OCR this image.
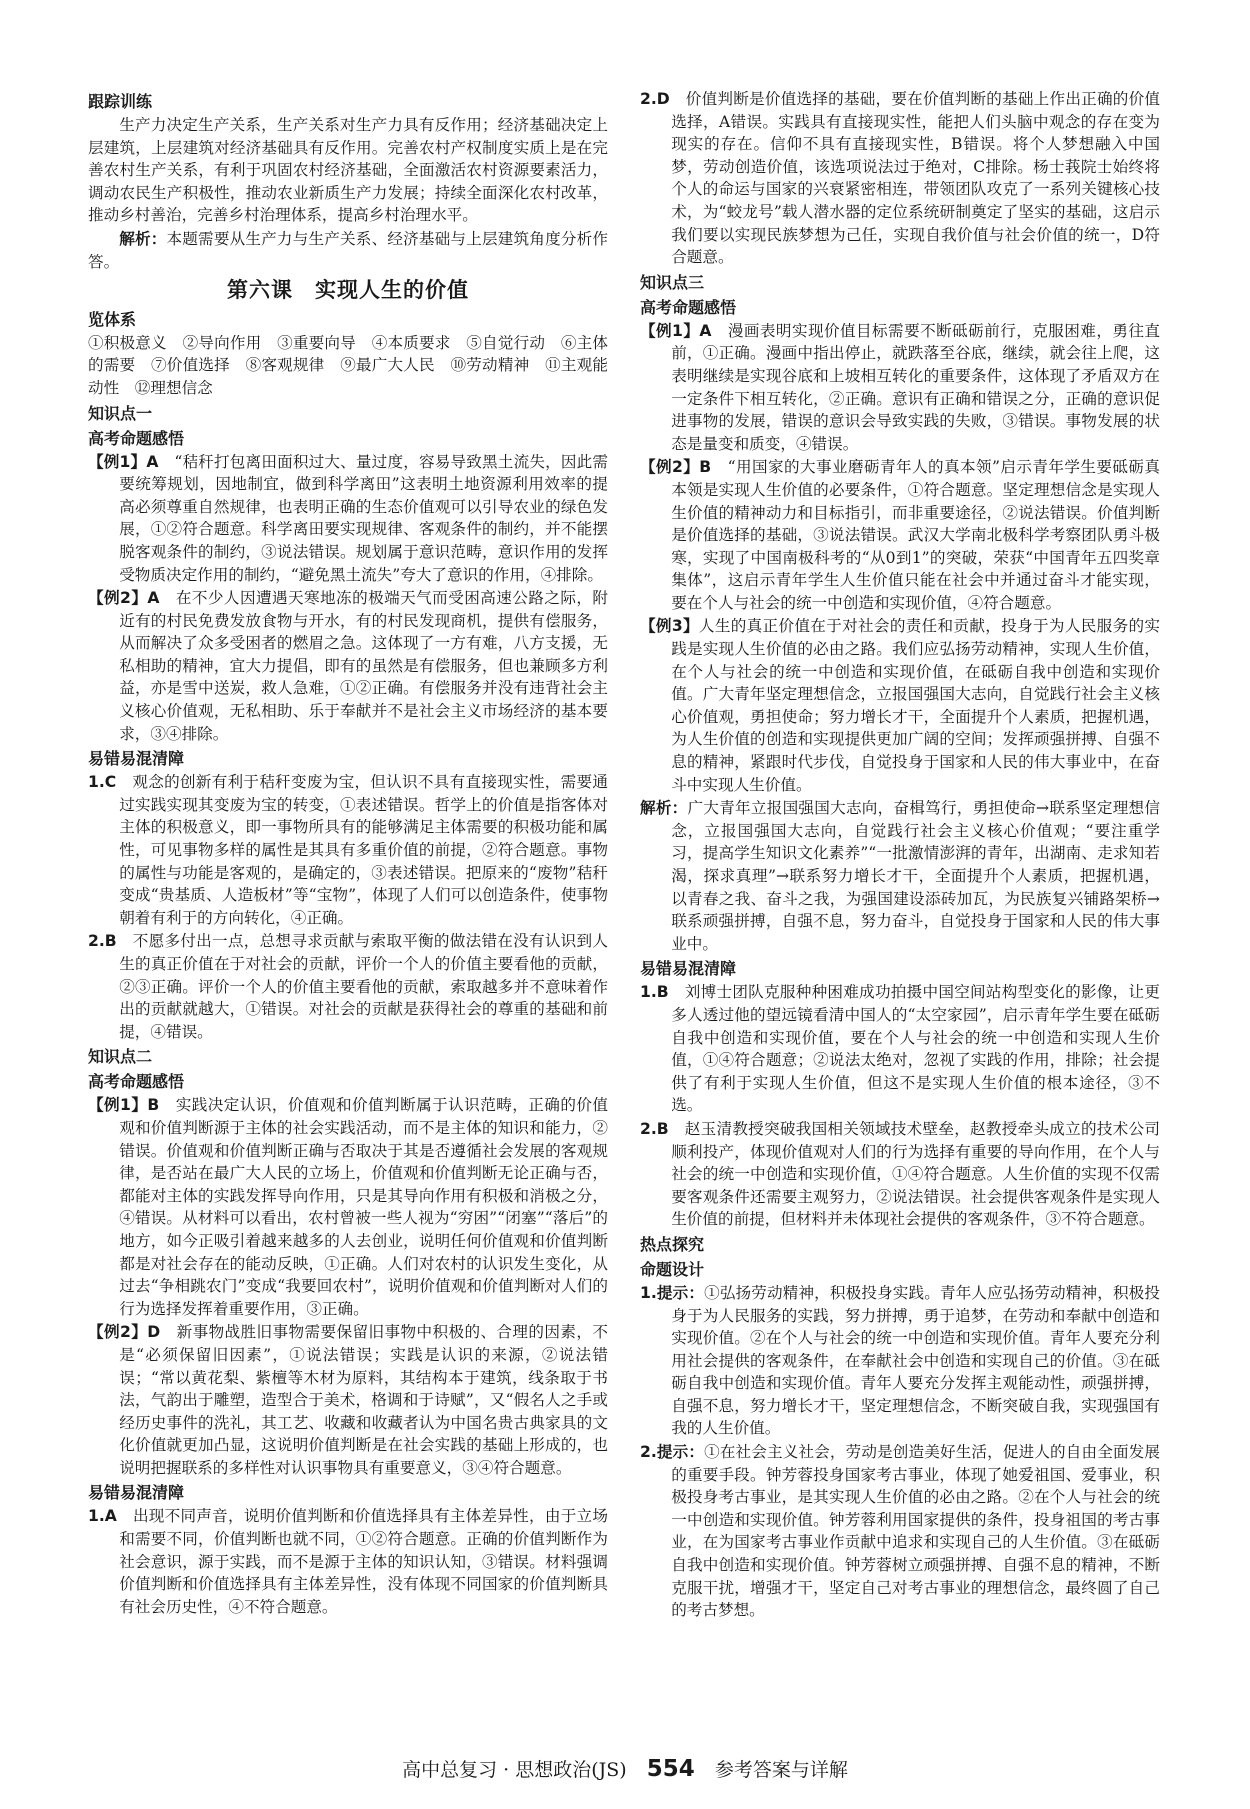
跟踪训练

生产力决定生产关系，生产关系对生产力具有反作用；经济基础决定上层建筑，上层建筑对经济基础具有反作用。完善农村产权制度实质上是在完善农村生产关系，有利于巩固农村经济基础，全面激活农村资源要素活力，调动农民生产积极性，推动农业新质生产力发展；持续全面深化农村改革，推动乡村善治，完善乡村治理体系，提高乡村治理水平。

解析：本题需要从生产力与生产关系、经济基础与上层建筑角度分析作答。

第六课　实现人生的价值
览体系

①积极意义　②导向作用　③重要向导　④本质要求　⑤自觉行动　⑥主体的需要　⑦价值选择　⑧客观规律　⑨最广大人民　⑩劳动精神　⑪主观能动性　⑫理想信念

知识点一
高考命题感悟

【例1】A　 “秸秆打包离田面积过大、量过度，容易导致黑土流失，因此需要统筹规划，因地制宜，做到科学离田”这表明土地资源利用效率的提高必须尊重自然规律，也表明正确的生态价值观可以引导农业的绿色发展，①②符合题意。科学离田要实现规律、客观条件的制约，并不能摆脱客观条件的制约，③说法错误。规划属于意识范畴，意识作用的发挥受物质决定作用的制约，“避免黑土流失”夸大了意识的作用，④排除。

【例2】A　 在不少人因遭遇天寒地冻的极端天气而受困高速公路之际，附近有的村民免费发放食物与开水，有的村民发现商机，提供有偿服务，从而解决了众多受困者的燃眉之急。这体现了一方有难，八方支援，无私相助的精神，宜大力提倡，即有的虽然是有偿服务，但也兼顾多方利益，亦是雪中送炭，救人急难，①②正确。有偿服务并没有违背社会主义核心价值观，无私相助、乐于奉献并不是社会主义市场经济的基本要求，③④排除。

易错易混清障

1.C　 观念的创新有利于秸秆变废为宝，但认识不具有直接现实性，需要通过实践实现其变废为宝的转变，①表述错误。哲学上的价值是指客体对主体的积极意义，即一事物所具有的能够满足主体需要的积极功能和属性，可见事物多样的属性是其具有多重价值的前提，②符合题意。事物的属性与功能是客观的，是确定的，③表述错误。把原来的“废物”秸秆变成“贵基质、人造板材”等“宝物”，体现了人们可以创造条件，使事物朝着有利于的方向转化，④正确。

2.B　 不愿多付出一点，总想寻求贡献与索取平衡的做法错在没有认识到人生的真正价值在于对社会的贡献，评价一个人的价值主要看他的贡献，②③正确。评价一个人的价值主要看他的贡献，索取越多并不意味着作出的贡献就越大，①错误。对社会的贡献是获得社会的尊重的基础和前提，④错误。

知识点二
高考命题感悟

【例1】B　 实践决定认识，价值观和价值判断属于认识范畴，正确的价值观和价值判断源于主体的社会实践活动，而不是主体的知识和能力，②错误。价值观和价值判断正确与否取决于其是否遵循社会发展的客观规律，是否站在最广大人民的立场上，价值观和价值判断无论正确与否，都能对主体的实践发挥导向作用，只是其导向作用有积极和消极之分，④错误。从材料可以看出，农村曾被一些人视为“穷困”“闭塞”“落后”的地方，如今正吸引着越来越多的人去创业，说明任何价值观和价值判断都是对社会存在的能动反映，①正确。人们对农村的认识发生变化，从过去“争相跳农门”变成“我要回农村”，说明价值观和价值判断对人们的行为选择发挥着重要作用，③正确。

【例2】D　 新事物战胜旧事物需要保留旧事物中积极的、合理的因素，不是“必须保留旧因素”，①说法错误；实践是认识的来源，②说法错误；“常以黄花梨、紫檀等木材为原料，其结构本于建筑，线条取于书法，气韵出于雕塑，造型合于美术，格调和于诗赋”，又“假名人之手或经历史事件的洗礼，其工艺、收藏和收藏者认为中国名贵古典家具的文化价值就更加凸显，这说明价值判断是在社会实践的基础上形成的，也说明把握联系的多样性对认识事物具有重要意义，③④符合题意。

易错易混清障

1.A　 出现不同声音，说明价值判断和价值选择具有主体差异性，由于立场和需要不同，价值判断也就不同，①②符合题意。正确的价值判断作为社会意识，源于实践，而不是源于主体的知识认知，③错误。材料强调价值判断和价值选择具有主体差异性，没有体现不同国家的价值判断具有社会历史性，④不符合题意。

2.D　 价值判断是价值选择的基础，要在价值判断的基础上作出正确的价值选择，A错误。实践具有直接现实性，能把人们头脑中观念的存在变为现实的存在。信仰不具有直接现实性，B错误。将个人梦想融入中国梦，劳动创造价值，该选项说法过于绝对，C排除。杨士莪院士始终将个人的命运与国家的兴衰紧密相连，带领团队攻克了一系列关键核心技术，为“蛟龙号”载人潜水器的定位系统研制奠定了坚实的基础，这启示我们要以实现民族梦想为己任，实现自我价值与社会价值的统一，D符合题意。

知识点三
高考命题感悟

【例1】A　 漫画表明实现价值目标需要不断砥砺前行，克服困难，勇往直前，①正确。漫画中指出停止，就跌落至谷底，继续，就会往上爬，这表明继续是实现谷底和上坡相互转化的重要条件，这体现了矛盾双方在一定条件下相互转化，②正确。意识有正确和错误之分，正确的意识促进事物的发展，错误的意识会导致实践的失败，③错误。事物发展的状态是量变和质变，④错误。

【例2】B　 “用国家的大事业磨砺青年人的真本领”启示青年学生要砥砺真本领是实现人生价值的必要条件，①符合题意。坚定理想信念是实现人生价值的精神动力和目标指引，而非重要途径，②说法错误。价值判断是价值选择的基础，③说法错误。武汉大学南北极科学考察团队勇斗极寒，实现了中国南极科考的“从0到1”的突破，荣获“中国青年五四奖章集体”，这启示青年学生人生价值只能在社会中并通过奋斗才能实现，要在个人与社会的统一中创造和实现价值，④符合题意。

【例3】人生的真正价值在于对社会的责任和贡献，投身于为人民服务的实践是实现人生价值的必由之路。我们应弘扬劳动精神，实现人生价值，在个人与社会的统一中创造和实现价值，在砥砺自我中创造和实现价值。广大青年坚定理想信念，立报国强国大志向，自觉践行社会主义核心价值观，勇担使命；努力增长才干，全面提升个人素质，把握机遇，为人生价值的创造和实现提供更加广阔的空间；发挥顽强拼搏、自强不息的精神，紧跟时代步伐，自觉投身于国家和人民的伟大事业中，在奋斗中实现人生价值。

解析：广大青年立报国强国大志向，奋楫笃行，勇担使命→联系坚定理想信念，立报国强国大志向，自觉践行社会主义核心价值观；“要注重学习，提高学生知识文化素养”“一批激情澎湃的青年，出湖南、走求知若渴，探求真理”→联系努力增长才干，全面提升个人素质，把握机遇，以青春之我、奋斗之我，为强国建设添砖加瓦，为民族复兴铺路架桥→联系顽强拼搏，自强不息，努力奋斗，自觉投身于国家和人民的伟大事业中。

易错易混清障

1.B　 刘博士团队克服种种困难成功拍摄中国空间站构型变化的影像，让更多人透过他的望远镜看清中国人的“太空家园”，启示青年学生要在砥砺自我中创造和实现价值，要在个人与社会的统一中创造和实现人生价值，①④符合题意；②说法太绝对，忽视了实践的作用，排除；社会提供了有利于实现人生价值，但这不是实现人生价值的根本途径，③不选。

2.B　 赵玉清教授突破我国相关领域技术壁垒，赵教授牵头成立的技术公司顺利投产，体现价值观对人们的行为选择有重要的导向作用，在个人与社会的统一中创造和实现价值，①④符合题意。人生价值的实现不仅需要客观条件还需要主观努力，②说法错误。社会提供客观条件是实现人生价值的前提，但材料并未体现社会提供的客观条件，③不符合题意。

热点探究
命题设计

1.提示：①弘扬劳动精神，积极投身实践。青年人应弘扬劳动精神，积极投身于为人民服务的实践，努力拼搏，勇于追梦，在劳动和奉献中创造和实现价值。②在个人与社会的统一中创造和实现价值。青年人要充分利用社会提供的客观条件，在奉献社会中创造和实现自己的价值。③在砥砺自我中创造和实现价值。青年人要充分发挥主观能动性，顽强拼搏，自强不息，努力增长才干，坚定理想信念，不断突破自我，实现强国有我的人生价值。

2.提示：①在社会主义社会，劳动是创造美好生活，促进人的自由全面发展的重要手段。钟芳蓉投身国家考古事业，体现了她爱祖国、爱事业，积极投身考古事业，是其实现人生价值的必由之路。②在个人与社会的统一中创造和实现价值。钟芳蓉利用国家提供的条件，投身祖国的考古事业，在为国家考古事业作贡献中追求和实现自己的人生价值。③在砥砺自我中创造和实现价值。钟芳蓉树立顽强拼搏、自强不息的精神，不断克服干扰，增强才干，坚定自己对考古事业的理想信念，最终圆了自己的考古梦想。

高中总复习 · 思想政治(JS) 554 参考答案与详解
